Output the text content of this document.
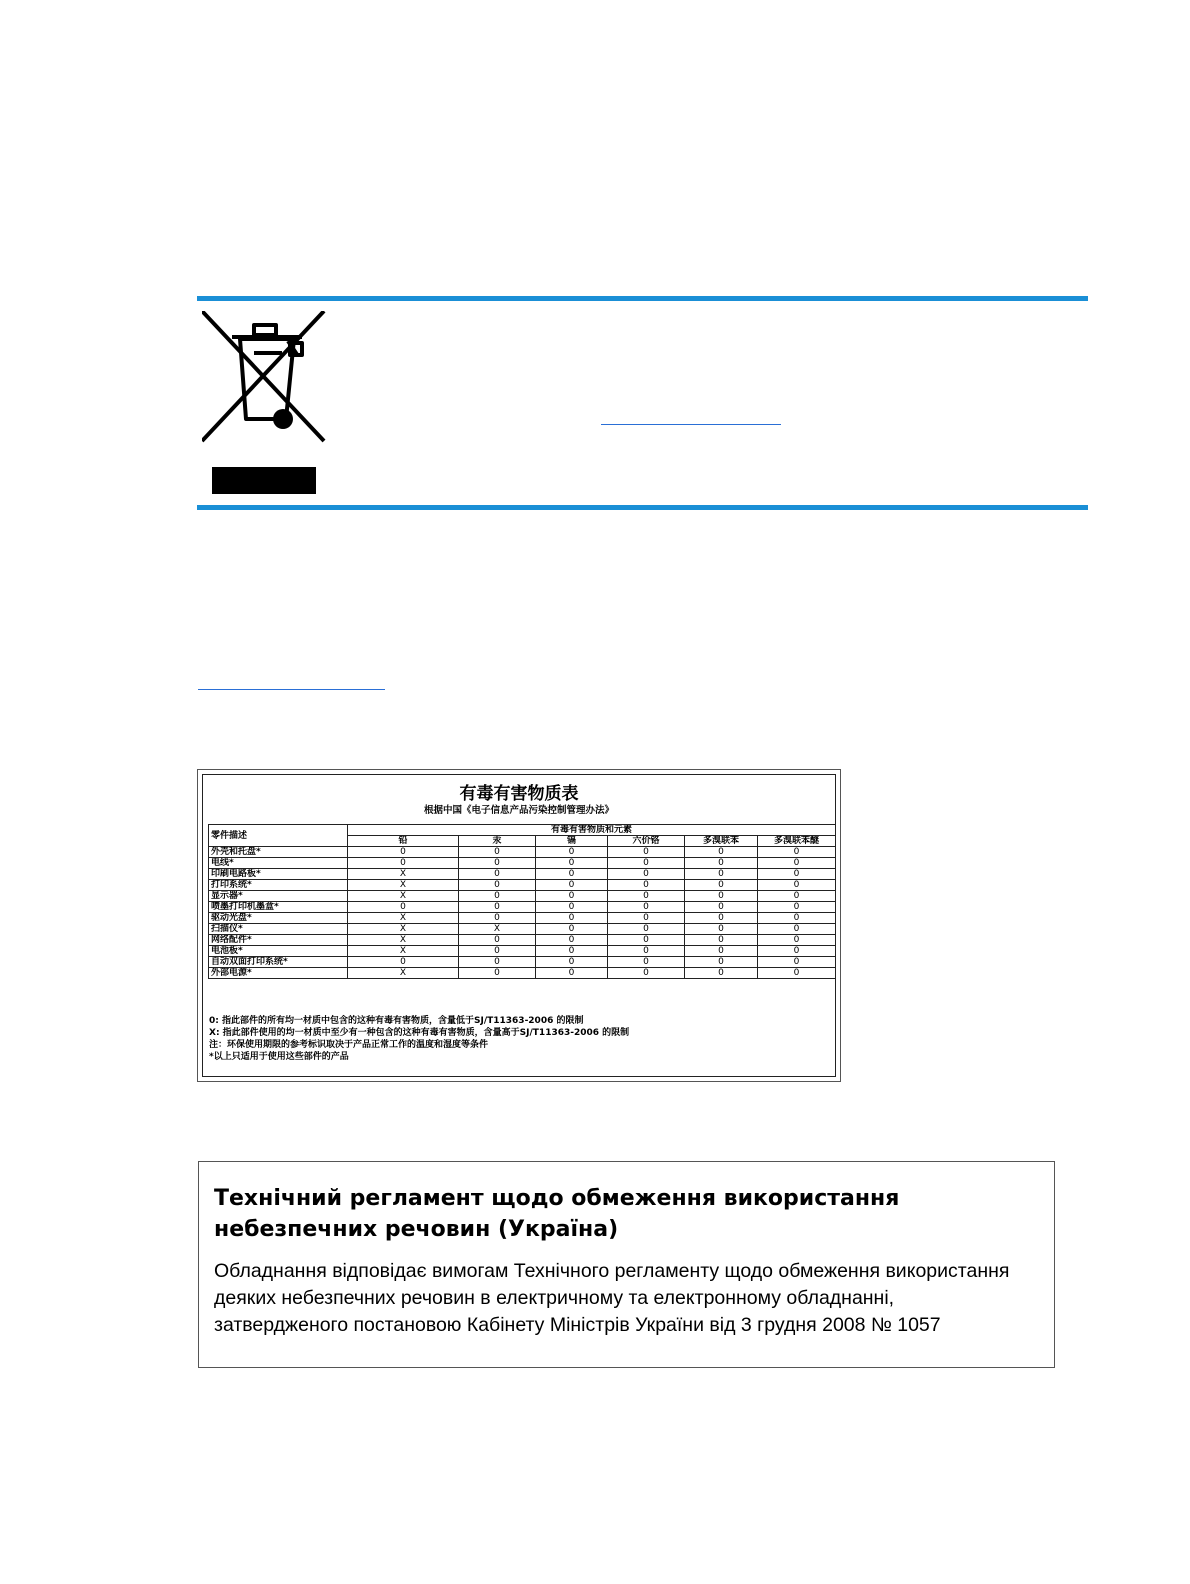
有毒有害物质表
根据中国《电子信息产品污染控制管理办法》
零件描述	有毒有害物质和元素					
	铅	汞	镉	六价铬	多溴联苯	多溴联苯醚
外壳和托盘*	0	0	0	0	0	0
电线*	0	0	0	0	0	0
印刷电路板*	X	0	0	0	0	0
打印系统*	X	0	0	0	0	0
显示器*	X	0	0	0	0	0
喷墨打印机墨盒*	0	0	0	0	0	0
驱动光盘*	X	0	0	0	0	0
扫描仪*	X	X	0	0	0	0
网络配件*	X	0	0	0	0	0
电池板*	X	0	0	0	0	0
自动双面打印系统*	0	0	0	0	0	0
外部电源*	X	0	0	0	0	0
0: 指此部件的所有均一材质中包含的这种有毒有害物质，含量低于SJ/T11363-2006 的限制
X: 指此部件使用的均一材质中至少有一种包含的这种有毒有害物质，含量高于SJ/T11363-2006 的限制
注：环保使用期限的参考标识取决于产品正常工作的温度和湿度等条件
*以上只适用于使用这些部件的产品
Технічний регламент щодо обмеження використання
небезпечних речовин (Україна)
Обладнання відповідає вимогам Технічного регламенту щодо обмеження використання
деяких небезпечних речовин в електричному та електронному обладнанні,
затвердженого постановою Кабінету Міністрів України від 3 грудня 2008 № 1057
